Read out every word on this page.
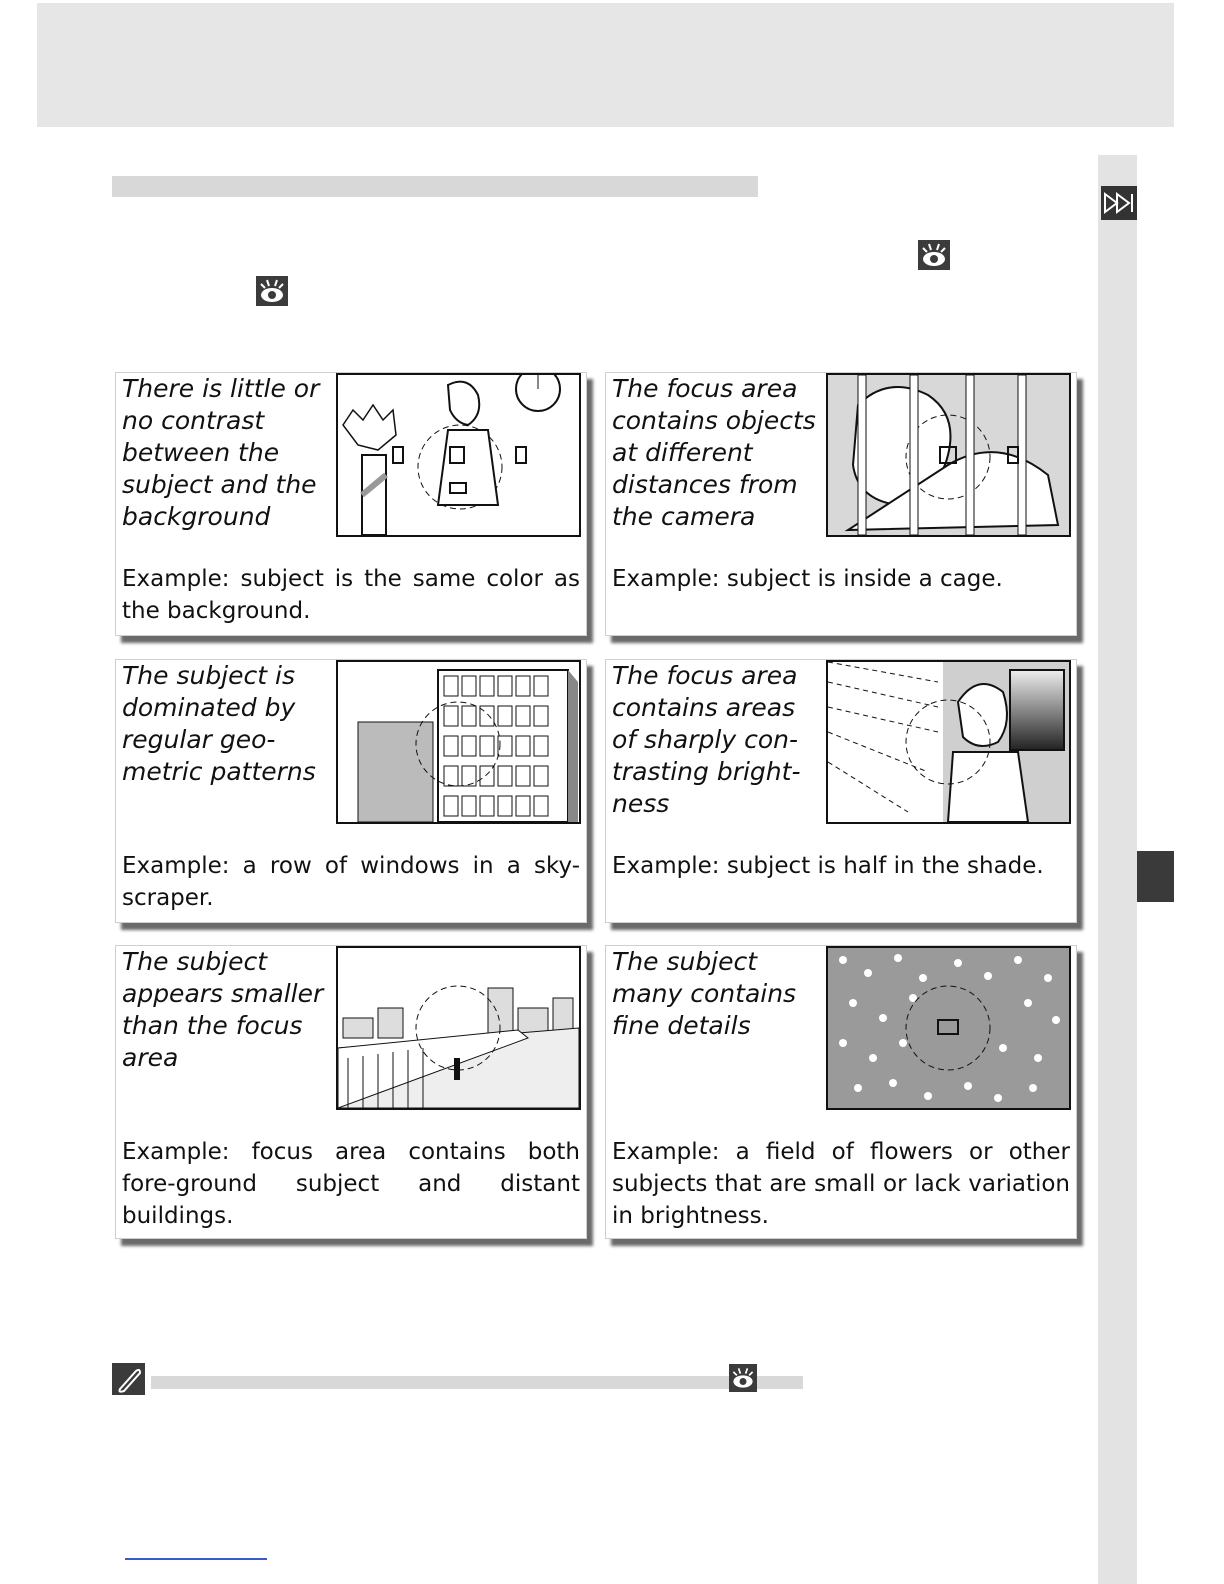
There is little or no contrast between the subject and the background
Example: subject is the same color as the background.
The focus area contains objects at different distances from the camera
Example: subject is inside a cage.
The subject is dominated by regular geo-metric patterns
Example: a row of windows in a sky-scraper.
The focus area contains areas of sharply con-trasting bright-ness
Example: subject is half in the shade.
The subject appears smaller than the focus area
Example: focus area contains both fore-ground subject and distant buildings.
The subject many contains fine details
Example: a field of flowers or other subjects that are small or lack variation in brightness.
